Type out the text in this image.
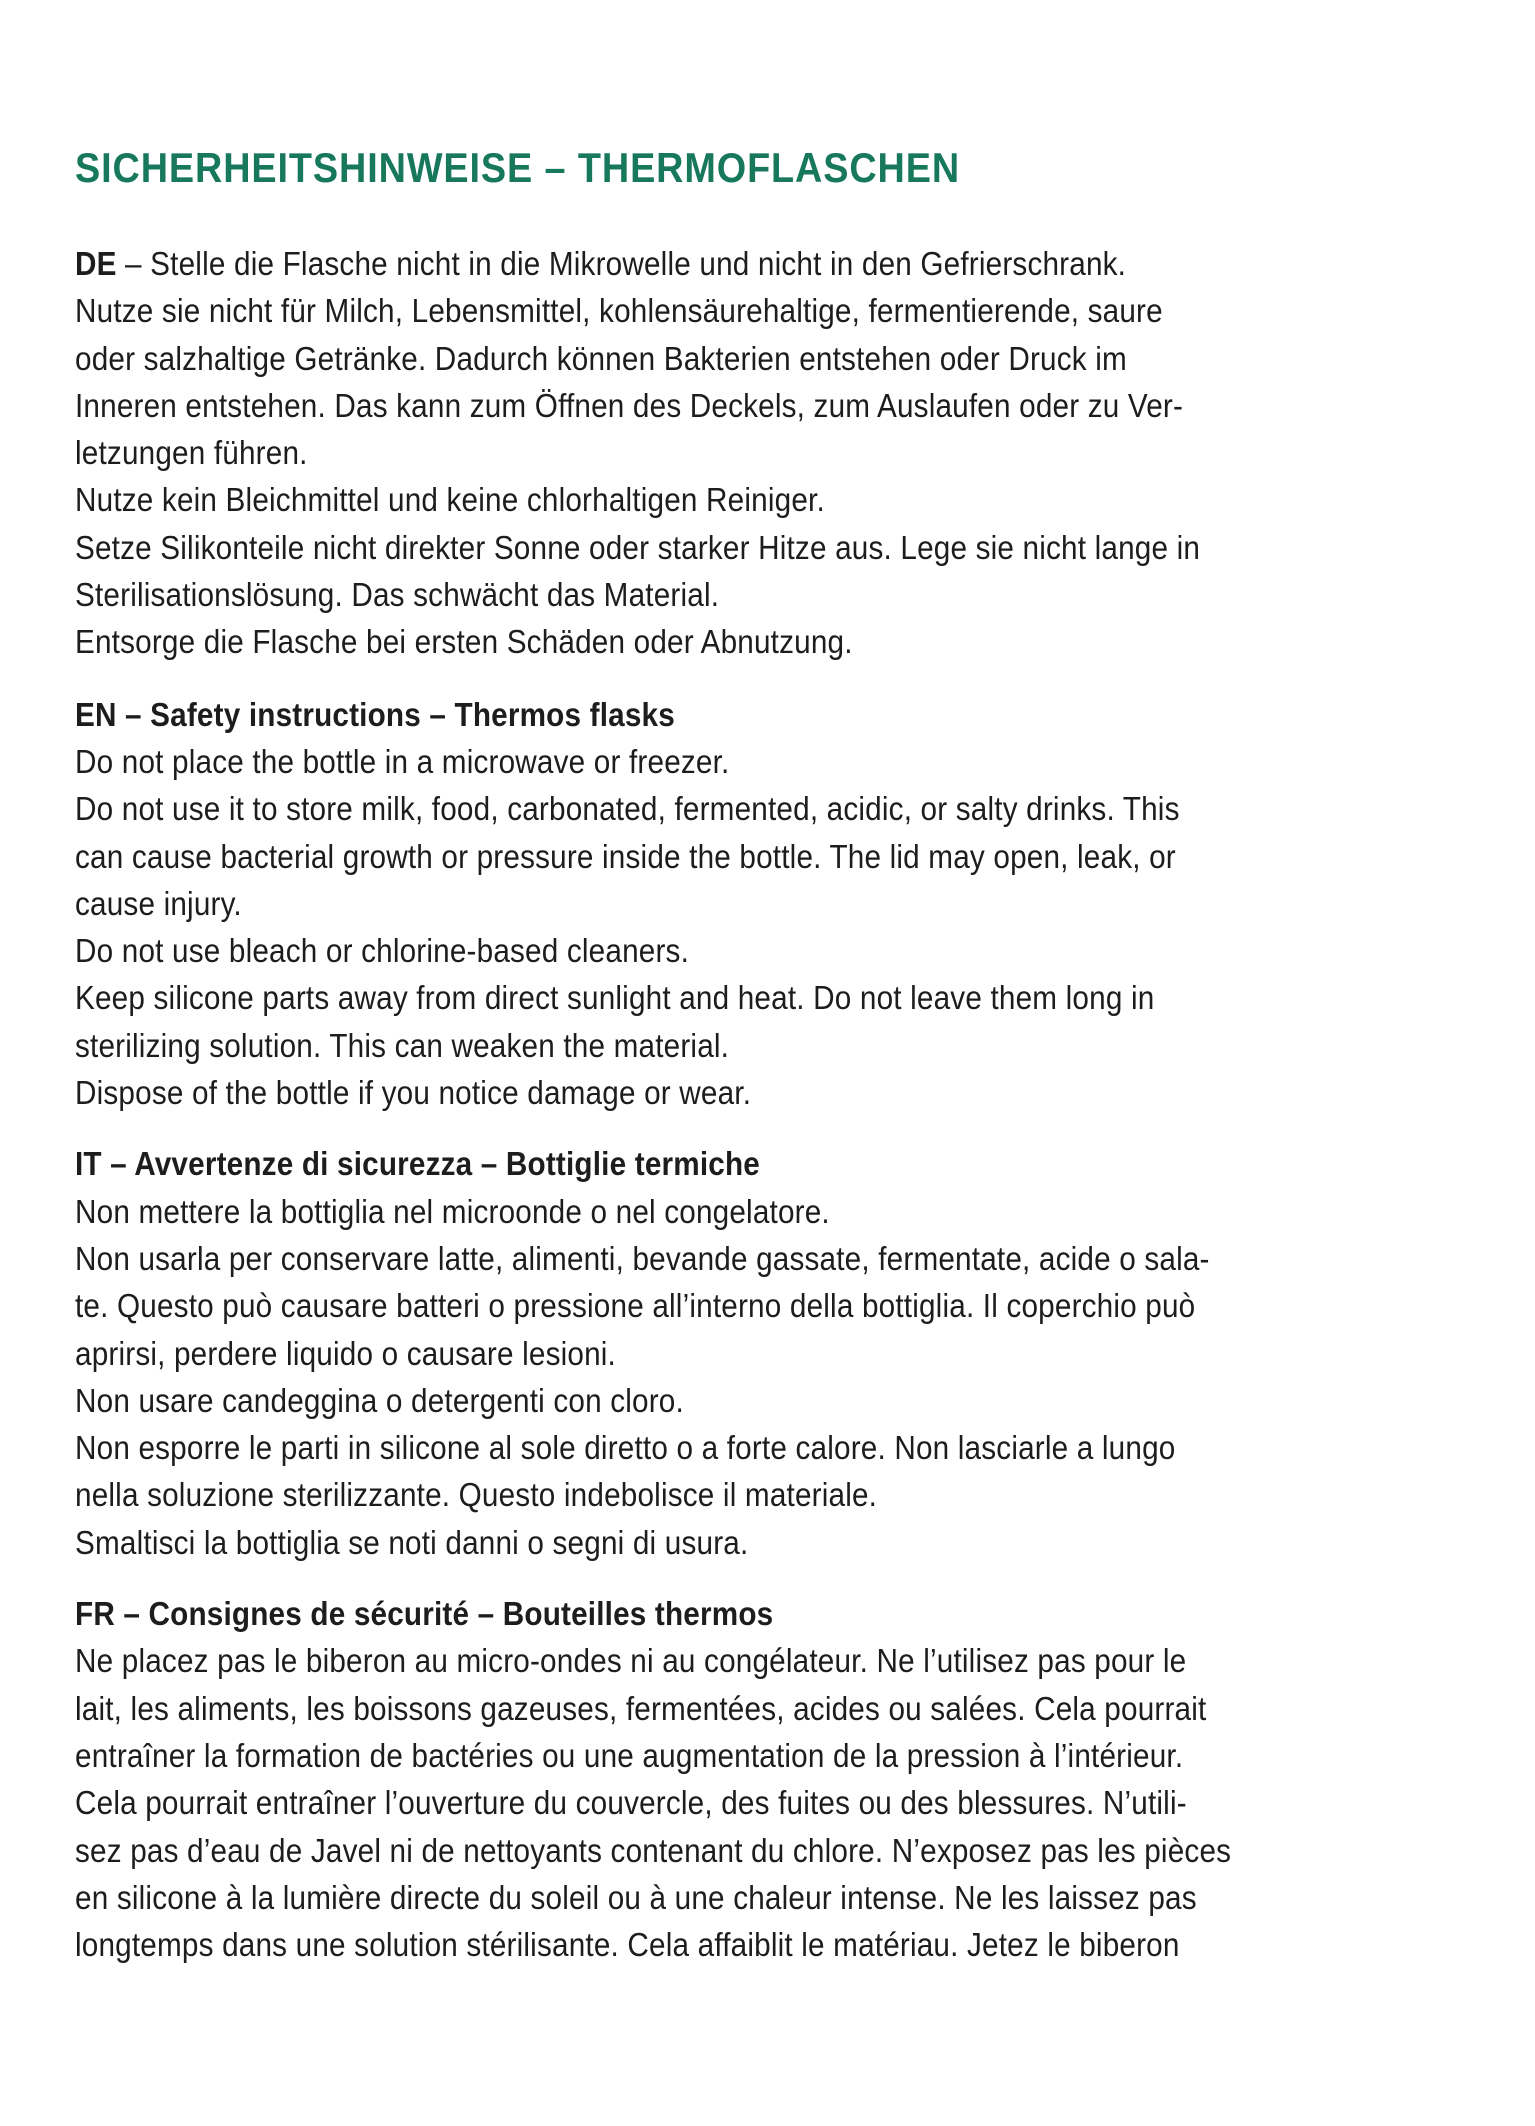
SICHERHEITSHINWEISE – THERMOFLASCHEN
DE – Stelle die Flasche nicht in die Mikrowelle und nicht in den Gefrierschrank.
Nutze sie nicht für Milch, Lebensmittel, kohlensäurehaltige, fermentierende, saure
oder salzhaltige Getränke. Dadurch können Bakterien entstehen oder Druck im
Inneren entstehen. Das kann zum Öffnen des Deckels, zum Auslaufen oder zu Ver-
letzungen führen.
Nutze kein Bleichmittel und keine chlorhaltigen Reiniger.
Setze Silikonteile nicht direkter Sonne oder starker Hitze aus. Lege sie nicht lange in
Sterilisationslösung. Das schwächt das Material.
Entsorge die Flasche bei ersten Schäden oder Abnutzung.
EN – Safety instructions – Thermos flasks
Do not place the bottle in a microwave or freezer.
Do not use it to store milk, food, carbonated, fermented, acidic, or salty drinks. This
can cause bacterial growth or pressure inside the bottle. The lid may open, leak, or
cause injury.
Do not use bleach or chlorine-based cleaners.
Keep silicone parts away from direct sunlight and heat. Do not leave them long in
sterilizing solution. This can weaken the material.
Dispose of the bottle if you notice damage or wear.
IT – Avvertenze di sicurezza – Bottiglie termiche
Non mettere la bottiglia nel microonde o nel congelatore.
Non usarla per conservare latte, alimenti, bevande gassate, fermentate, acide o sala-
te. Questo può causare batteri o pressione all’interno della bottiglia. Il coperchio può
aprirsi, perdere liquido o causare lesioni.
Non usare candeggina o detergenti con cloro.
Non esporre le parti in silicone al sole diretto o a forte calore. Non lasciarle a lungo
nella soluzione sterilizzante. Questo indebolisce il materiale.
Smaltisci la bottiglia se noti danni o segni di usura.
FR – Consignes de sécurité – Bouteilles thermos
Ne placez pas le biberon au micro-ondes ni au congélateur. Ne l’utilisez pas pour le
lait, les aliments, les boissons gazeuses, fermentées, acides ou salées. Cela pourrait
entraîner la formation de bactéries ou une augmentation de la pression à l’intérieur.
Cela pourrait entraîner l’ouverture du couvercle, des fuites ou des blessures. N’utili-
sez pas d’eau de Javel ni de nettoyants contenant du chlore. N’exposez pas les pièces
en silicone à la lumière directe du soleil ou à une chaleur intense. Ne les laissez pas
longtemps dans une solution stérilisante. Cela affaiblit le matériau. Jetez le biberon
